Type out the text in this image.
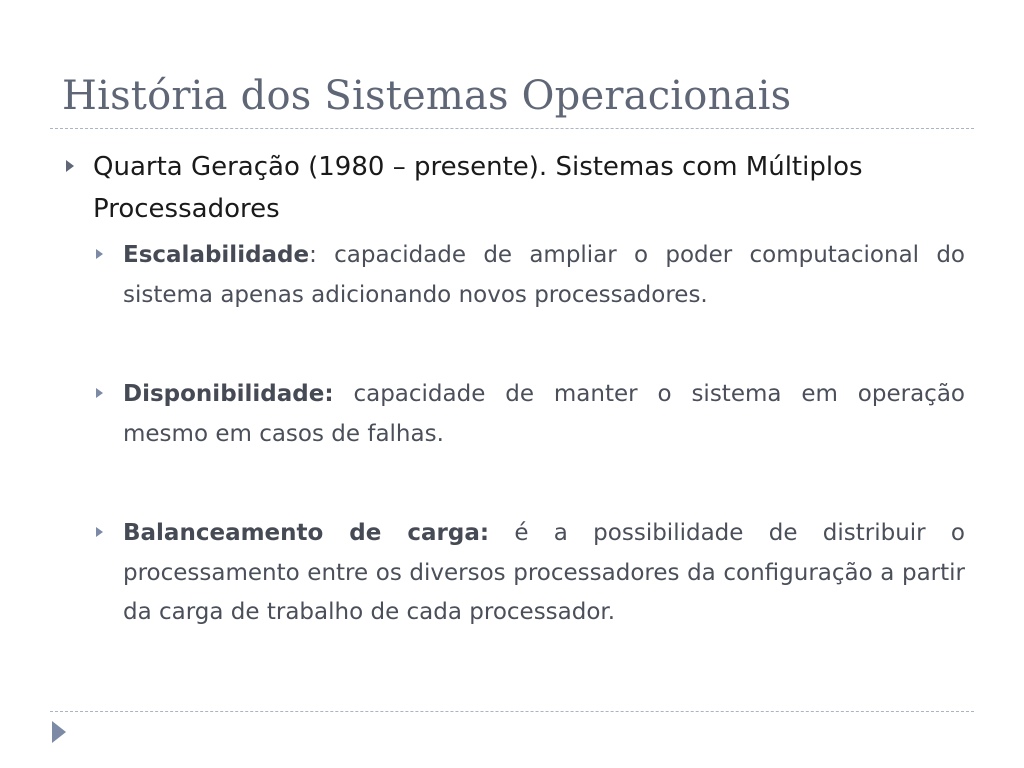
História dos Sistemas Operacionais
Quarta Geração (1980 – presente). Sistemas com Múltiplos Processadores
Escalabilidade: capacidade de ampliar o poder computacional do sistema apenas adicionando novos processadores.
Disponibilidade: capacidade de manter o sistema em operação mesmo em casos de falhas.
Balanceamento de carga: é a possibilidade de distribuir o processamento entre os diversos processadores da configuração a partir da carga de trabalho de cada processador.
